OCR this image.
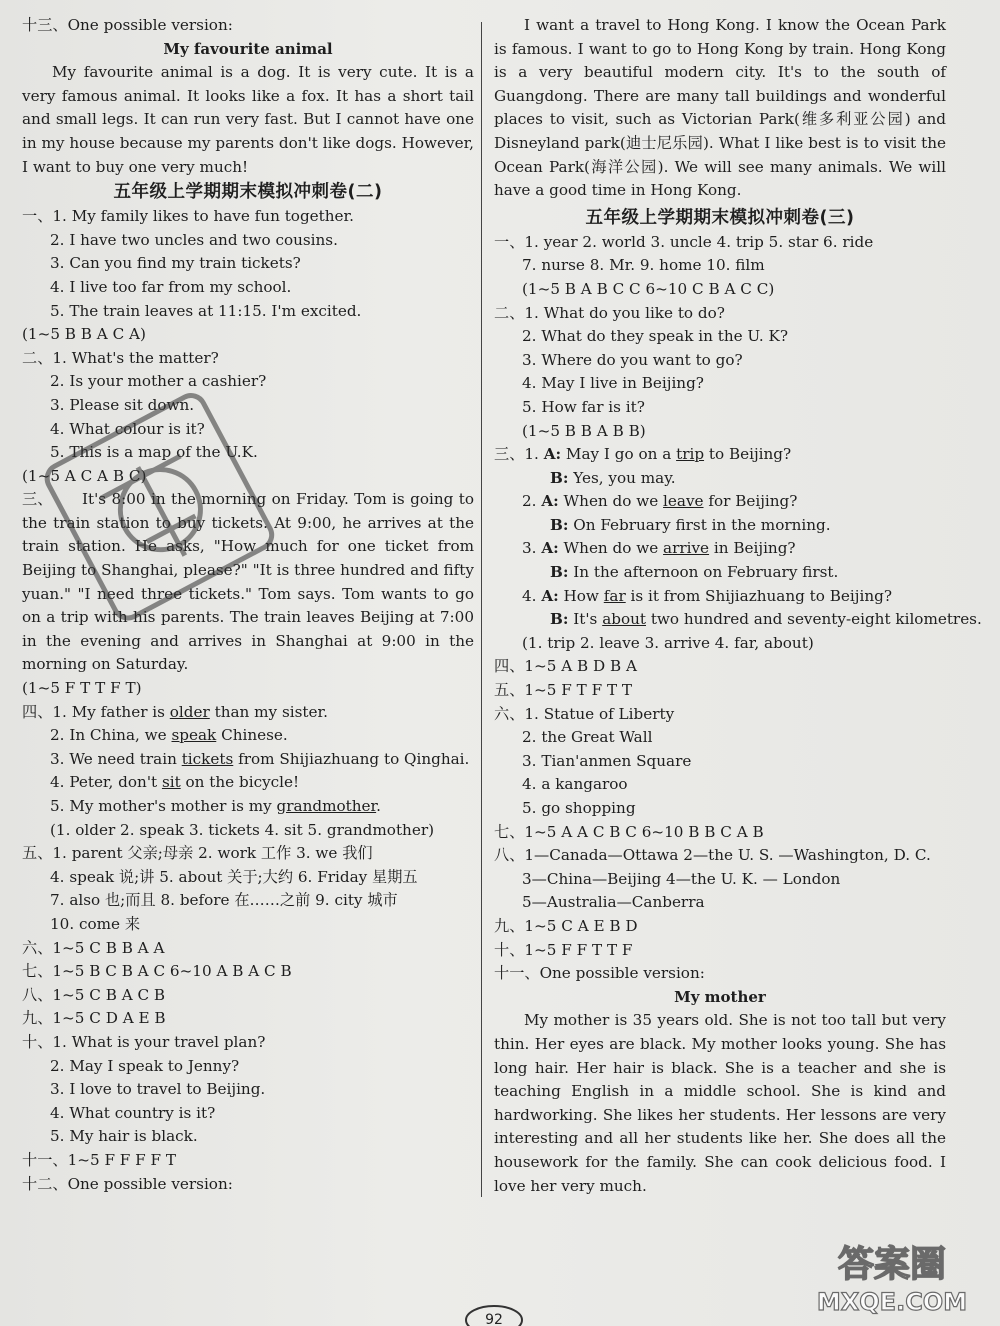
十三、One possible version:
My favourite animal

My favourite animal is a dog. It is very cute. It is a very famous animal. It looks like a fox. It has a short tail and small legs. It can run very fast. But I cannot have one in my house because my parents don't like dogs. However, I want to buy one very much!

五年级上学期期末模拟冲刺卷(二)
一、1. My family likes to have fun together.
2. I have two uncles and two cousins.
3. Can you find my train tickets?
4. I live too far from my school.
5. The train leaves at 11:15. I'm excited.
(1~5 B B A C A)
二、1. What's the matter?
2. Is your mother a cashier?
3. Please sit down.
4. What colour is it?
5. This is a map of the U.K.
(1~5 A C A B C)
三、	It's 8:00 in the morning on Friday. Tom is going to the train station to buy tickets. At 9:00, he arrives at the train station. He asks, "How much for one ticket from Beijing to Shanghai, please?" "It is three hundred and fifty yuan." "I need three tickets." Tom says. Tom wants to go on a trip with his parents. The train leaves Beijing at 7:00 in the evening and arrives in Shanghai at 9:00 in the morning on Saturday.

(1~5 F T T F T)
四、1. My father is older than my sister.
2. In China, we speak Chinese.
3. We need train tickets from Shijiazhuang to Qinghai.
4. Peter, don't sit on the bicycle!
5. My mother's mother is my grandmother.
(1. older 2. speak 3. tickets 4. sit 5. grandmother)
五、1. parent 父亲;母亲 2. work 工作 3. we 我们
4. speak 说;讲 5. about 关于;大约 6. Friday 星期五
7. also 也;而且 8. before 在……之前 9. city 城市
10. come 来
六、1~5 C B B A A
七、1~5 B C B A C 6~10 A B A C B
八、1~5 C B A C B
九、1~5 C D A E B
十、1. What is your travel plan?
2. May I speak to Jenny?
3. I love to travel to Beijing.
4. What country is it?
5. My hair is black.
十一、1~5 F F F F T
十二、One possible version:

I want a travel to Hong Kong. I know the Ocean Park is famous. I want to go to Hong Kong by train. Hong Kong is a very beautiful modern city. It's to the south of Guangdong. There are many tall buildings and wonderful places to visit, such as Victorian Park(维多利亚公园) and Disneyland park(迪士尼乐园). What I like best is to visit the Ocean Park(海洋公园). We will see many animals. We will have a good time in Hong Kong.

五年级上学期期末模拟冲刺卷(三)
一、1. year 2. world 3. uncle 4. trip 5. star 6. ride
7. nurse 8. Mr. 9. home 10. film
(1~5 B A B C C 6~10 C B A C C)
二、1. What do you like to do?
2. What do they speak in the U. K?
3. Where do you want to go?
4. May I live in Beijing?
5. How far is it?
(1~5 B B A B B)
三、1. A: May I go on a trip to Beijing?
B: Yes, you may.
2. A: When do we leave for Beijing?
B: On February first in the morning.
3. A: When do we arrive in Beijing?
B: In the afternoon on February first.
4. A: How far is it from Shijiazhuang to Beijing?
B: It's about two hundred and seventy-eight kilometres.
(1. trip 2. leave 3. arrive 4. far, about)
四、1~5 A B D B A
五、1~5 F T F T T
六、1. Statue of Liberty
2. the Great Wall
3. Tian'anmen Square
4. a kangaroo
5. go shopping
七、1~5 A A C B C 6~10 B B C A B
八、1—Canada—Ottawa 2—the U. S. —Washington, D. C.
3—China—Beijing 4—the U. K. — London
5—Australia—Canberra
九、1~5 C A E B D
十、1~5 F F T T F
十一、One possible version:
My mother

My mother is 35 years old. She is not too tall but very thin. Her eyes are black. My mother looks young. She has long hair. Her hair is black. She is a teacher and she is teaching English in a middle school. She is kind and hardworking. She likes her students. Her lessons are very interesting and all her students like her. She does all the housework for the family. She can cook delicious food. I love her very much.

92
答案圈
MXQE.COM
